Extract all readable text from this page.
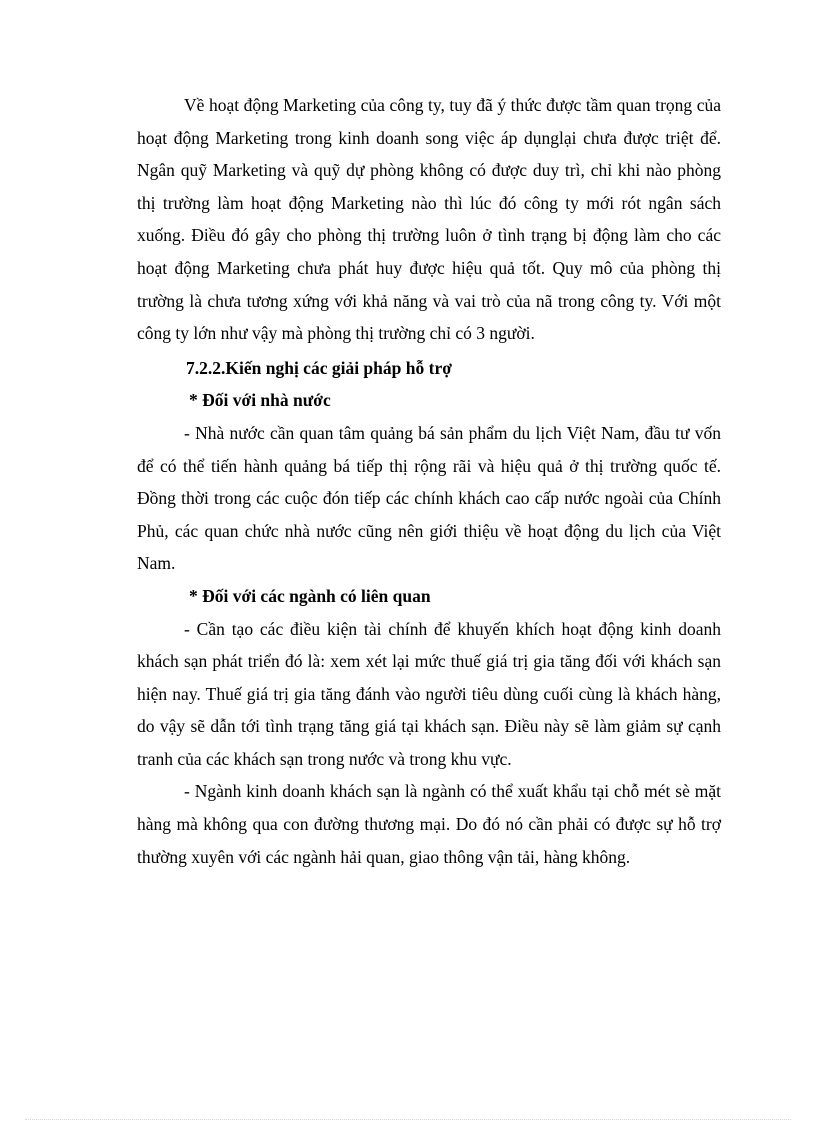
Về hoạt động Marketing của công ty, tuy đã ý thức được tầm quan trọng của hoạt động Marketing trong kinh doanh song việc áp dụnglại chưa được triệt để. Ngân quỹ Marketing và quỹ dự phòng không có được duy trì, chỉ khi nào phòng thị trường làm hoạt động Marketing nào thì lúc đó công ty mới rót ngân sách xuống. Điều đó gây cho phòng thị trường luôn ở tình trạng bị động làm cho các hoạt động Marketing chưa phát huy được hiệu quả tốt. Quy mô của phòng thị trường là chưa tương xứng với khả năng và vai trò của nã trong công ty. Với một công ty lớn như vậy mà phòng thị trường chỉ có 3 người.

7.2.2.Kiến nghị các giải pháp hỗ trợ

* Đối với nhà nước

- Nhà nước cần quan tâm quảng bá sản phẩm du lịch Việt Nam, đầu tư vốn để có thể tiến hành quảng bá tiếp thị rộng rãi và hiệu quả ở thị trường quốc tế. Đồng thời trong các cuộc đón tiếp các chính khách cao cấp nước ngoài của Chính Phủ, các quan chức nhà nước cũng nên giới thiệu về hoạt động du lịch của Việt Nam.

* Đối với các ngành có liên quan

- Cần tạo các điều kiện tài chính để khuyến khích hoạt động kinh doanh khách sạn phát triển đó là: xem xét lại mức thuế giá trị gia tăng đối với khách sạn hiện nay. Thuế giá trị gia tăng đánh vào người tiêu dùng cuối cùng là khách hàng, do vậy sẽ dẫn tới tình trạng tăng giá tại khách sạn. Điều này sẽ làm giảm sự cạnh tranh của các khách sạn trong nước và trong khu vực.

- Ngành kinh doanh khách sạn là ngành có thể xuất khẩu tại chỗ mét sè mặt hàng mà không qua con đường thương mại. Do đó nó cần phải có được sự hỗ trợ thường xuyên với các ngành hải quan, giao thông vận tải, hàng không.
